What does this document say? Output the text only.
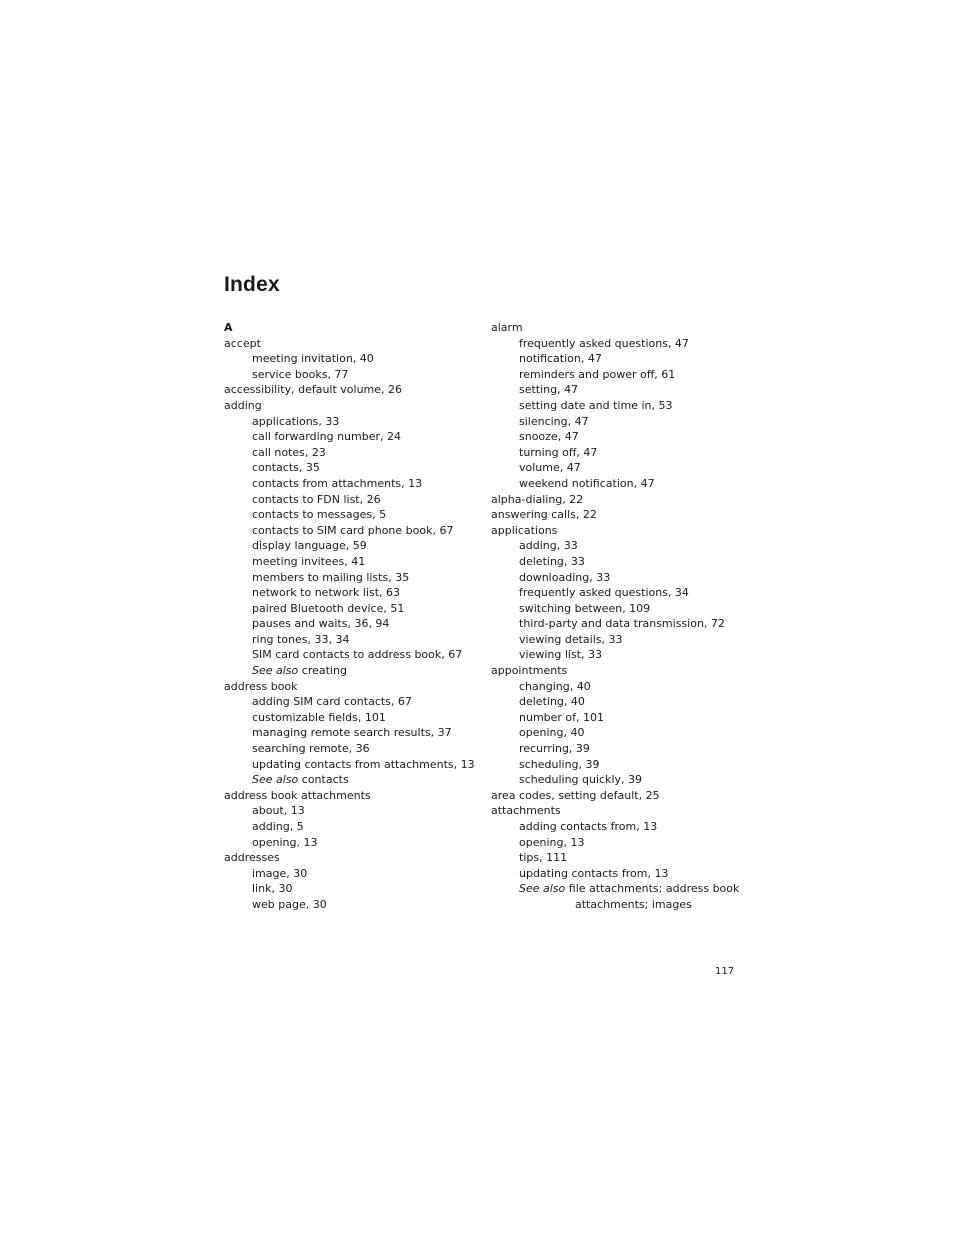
Index
A
accept
meeting invitation, 40
service books, 77
accessibility, default volume, 26
adding
applications, 33
call forwarding number, 24
call notes, 23
contacts, 35
contacts from attachments, 13
contacts to FDN list, 26
contacts to messages, 5
contacts to SIM card phone book, 67
display language, 59
meeting invitees, 41
members to mailing lists, 35
network to network list, 63
paired Bluetooth device, 51
pauses and waits, 36, 94
ring tones, 33, 34
SIM card contacts to address book, 67
See also creating
address book
adding SIM card contacts, 67
customizable fields, 101
managing remote search results, 37
searching remote, 36
updating contacts from attachments, 13
See also contacts
address book attachments
about, 13
adding, 5
opening, 13
addresses
image, 30
link, 30
web page, 30
alarm
frequently asked questions, 47
notification, 47
reminders and power off, 61
setting, 47
setting date and time in, 53
silencing, 47
snooze, 47
turning off, 47
volume, 47
weekend notification, 47
alpha-dialing, 22
answering calls, 22
applications
adding, 33
deleting, 33
downloading, 33
frequently asked questions, 34
switching between, 109
third-party and data transmission, 72
viewing details, 33
viewing list, 33
appointments
changing, 40
deleting, 40
number of, 101
opening, 40
recurring, 39
scheduling, 39
scheduling quickly, 39
area codes, setting default, 25
attachments
adding contacts from, 13
opening, 13
tips, 111
updating contacts from, 13
See also file attachments; address book
attachments; images
117
